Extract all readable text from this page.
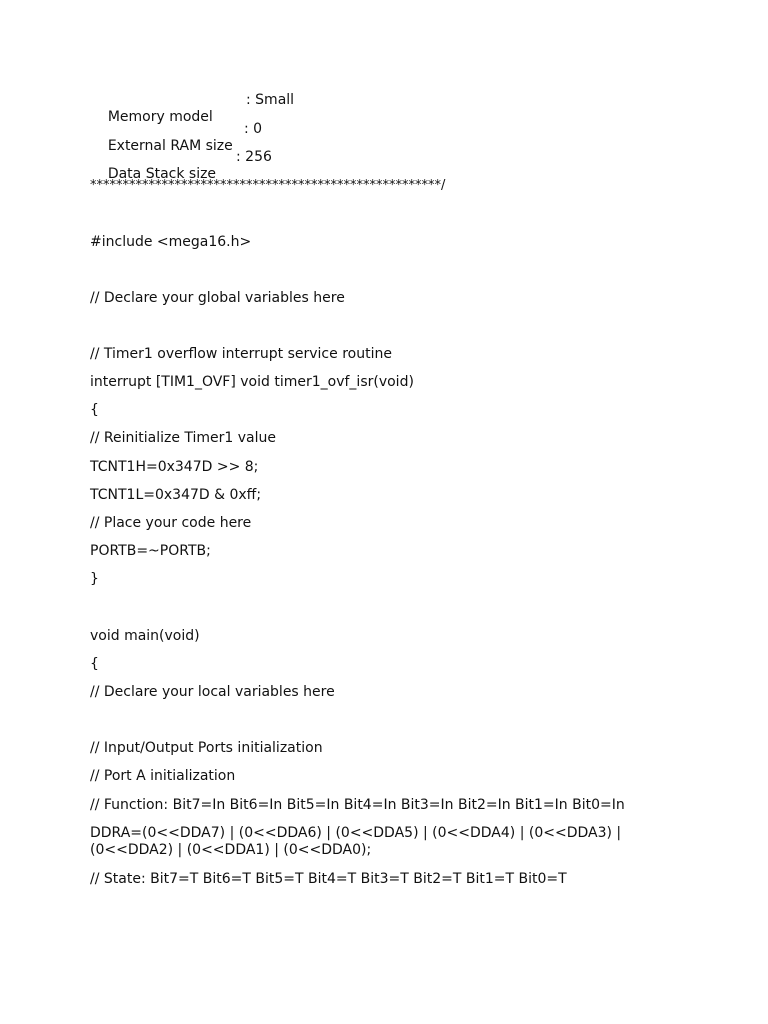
Memory model

: Small

External RAM size

: 0

Data Stack size

: 256

******************************************************/
#include <mega16.h>
// Declare your global variables here
// Timer1 overflow interrupt service routine
interrupt [TIM1_OVF] void timer1_ovf_isr(void)
{
// Reinitialize Timer1 value
TCNT1H=0x347D >> 8;
TCNT1L=0x347D & 0xff;
// Place your code here
PORTB=~PORTB;
}
void main(void)
{
// Declare your local variables here
// Input/Output Ports initialization
// Port A initialization
// Function: Bit7=In Bit6=In Bit5=In Bit4=In Bit3=In Bit2=In Bit1=In Bit0=In
DDRA=(0<<DDA7) | (0<<DDA6) | (0<<DDA5) | (0<<DDA4) | (0<<DDA3) | (0<<DDA2) | (0<<DDA1) | (0<<DDA0);
// State: Bit7=T Bit6=T Bit5=T Bit4=T Bit3=T Bit2=T Bit1=T Bit0=T
